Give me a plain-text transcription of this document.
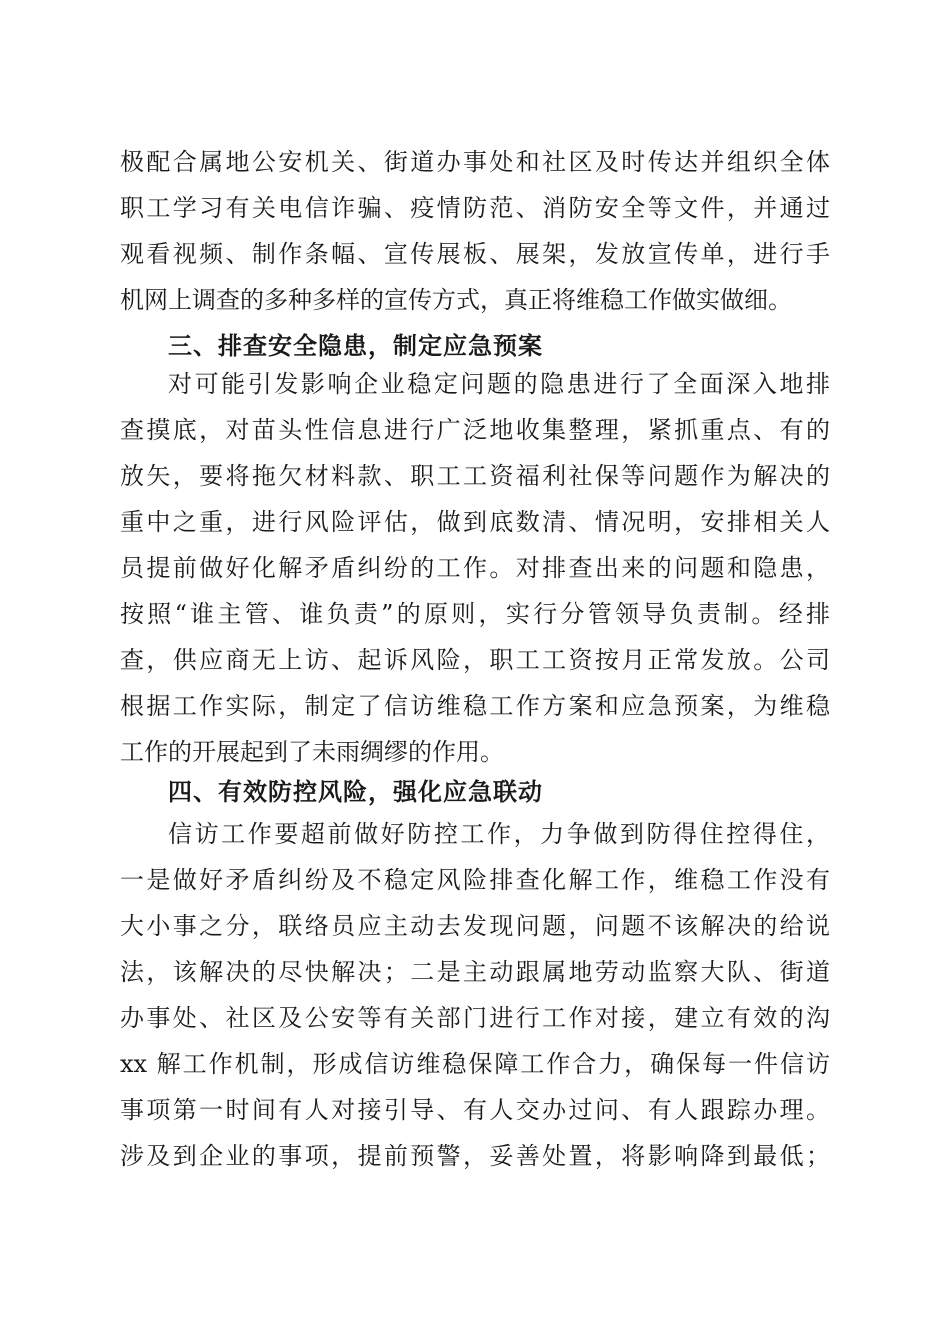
极配合属地公安机关、街道办事处和社区及时传达并组织全体
职工学习有关电信诈骗、疫情防范、消防安全等文件，并通过
观看视频、制作条幅、宣传展板、展架，发放宣传单，进行手
机网上调查的多种多样的宣传方式，真正将维稳工作做实做细。
三、排查安全隐患，制定应急预案
对可能引发影响企业稳定问题的隐患进行了全面深入地排
查摸底，对苗头性信息进行广泛地收集整理，紧抓重点、有的
放矢，要将拖欠材料款、职工工资福利社保等问题作为解决的
重中之重，进行风险评估，做到底数清、情况明，安排相关人
员提前做好化解矛盾纠纷的工作。对排查出来的问题和隐患，
按照“谁主管、谁负责”的原则，实行分管领导负责制。经排
查，供应商无上访、起诉风险，职工工资按月正常发放。公司
根据工作实际，制定了信访维稳工作方案和应急预案，为维稳
工作的开展起到了未雨绸缪的作用。
四、有效防控风险，强化应急联动
信访工作要超前做好防控工作，力争做到防得住控得住，
一是做好矛盾纠纷及不稳定风险排查化解工作，维稳工作没有
大小事之分，联络员应主动去发现问题，问题不该解决的给说
法，该解决的尽快解决；二是主动跟属地劳动监察大队、街道
办事处、社区及公安等有关部门进行工作对接，建立有效的沟
xx 解工作机制，形成信访维稳保障工作合力，确保每一件信访
事项第一时间有人对接引导、有人交办过问、有人跟踪办理。
涉及到企业的事项，提前预警，妥善处置，将影响降到最低；
